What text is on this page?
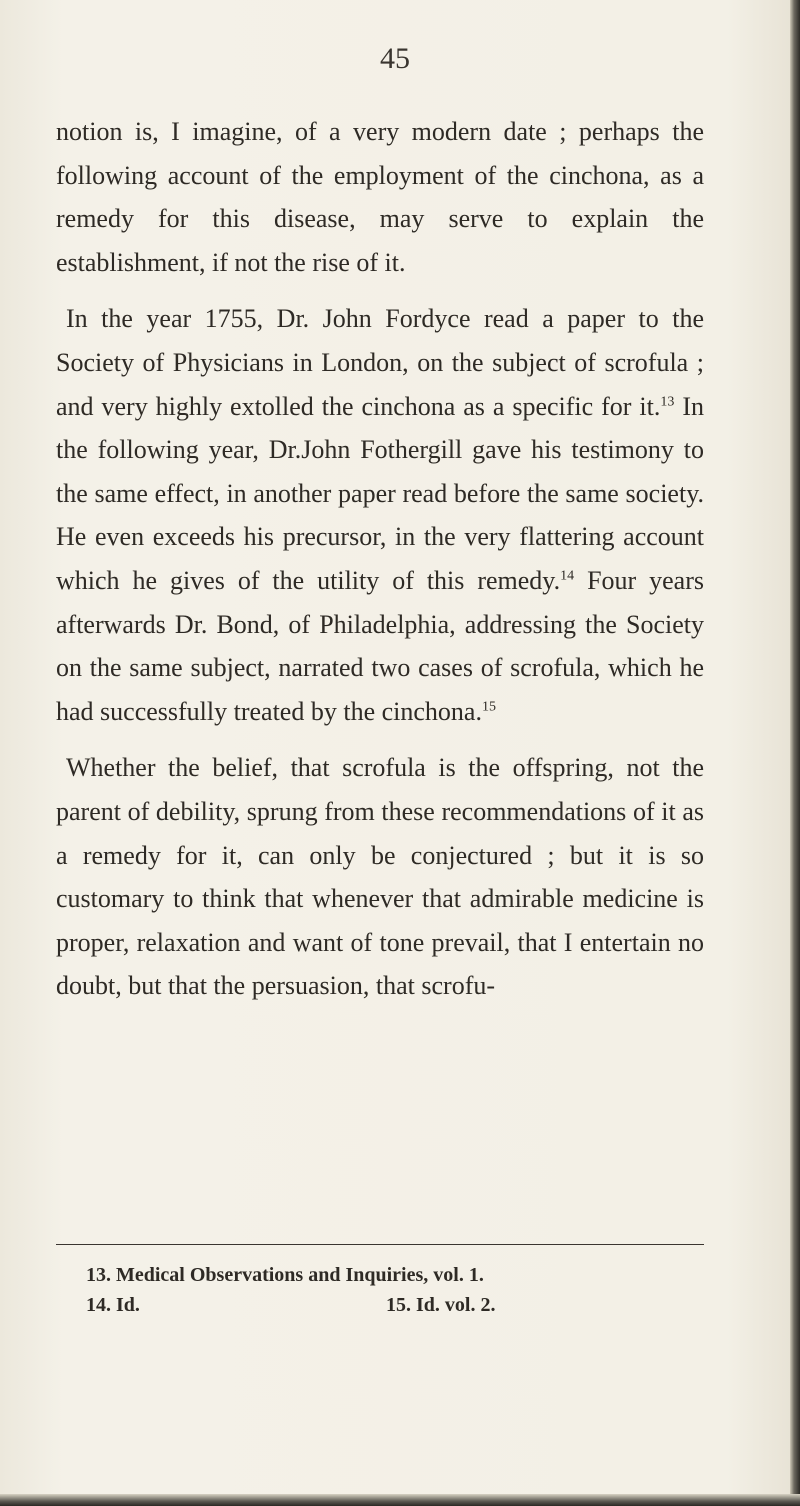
45

notion is, I imagine, of a very modern date ; perhaps the following account of the employment of the cinchona, as a remedy for this disease, may serve to explain the establishment, if not the rise of it.

In the year 1755, Dr. John Fordyce read a paper to the Society of Physicians in London, on the subject of scrofula ; and very highly extolled the cinchona as a specific for it.$^{13}$ In the following year, Dr.John Fothergill gave his testimony to the same effect, in another paper read before the same society. He even exceeds his precursor, in the very flattering account which he gives of the utility of this remedy.$^{14}$ Four years afterwards Dr. Bond, of Philadelphia, addressing the Society on the same subject, narrated two cases of scrofula, which he had successfully treated by the cinchona.$^{15}$

Whether the belief, that scrofula is the offspring, not the parent of debility, sprung from these recommendations of it as a remedy for it, can only be conjectured ; but it is so customary to think that whenever that admirable medicine is proper, relaxation and want of tone prevail, that I entertain no doubt, but that the persuasion, that scrofu-

13. Medical Observations and Inquiries, vol. 1.
14. Id.	15. Id. vol. 2.
